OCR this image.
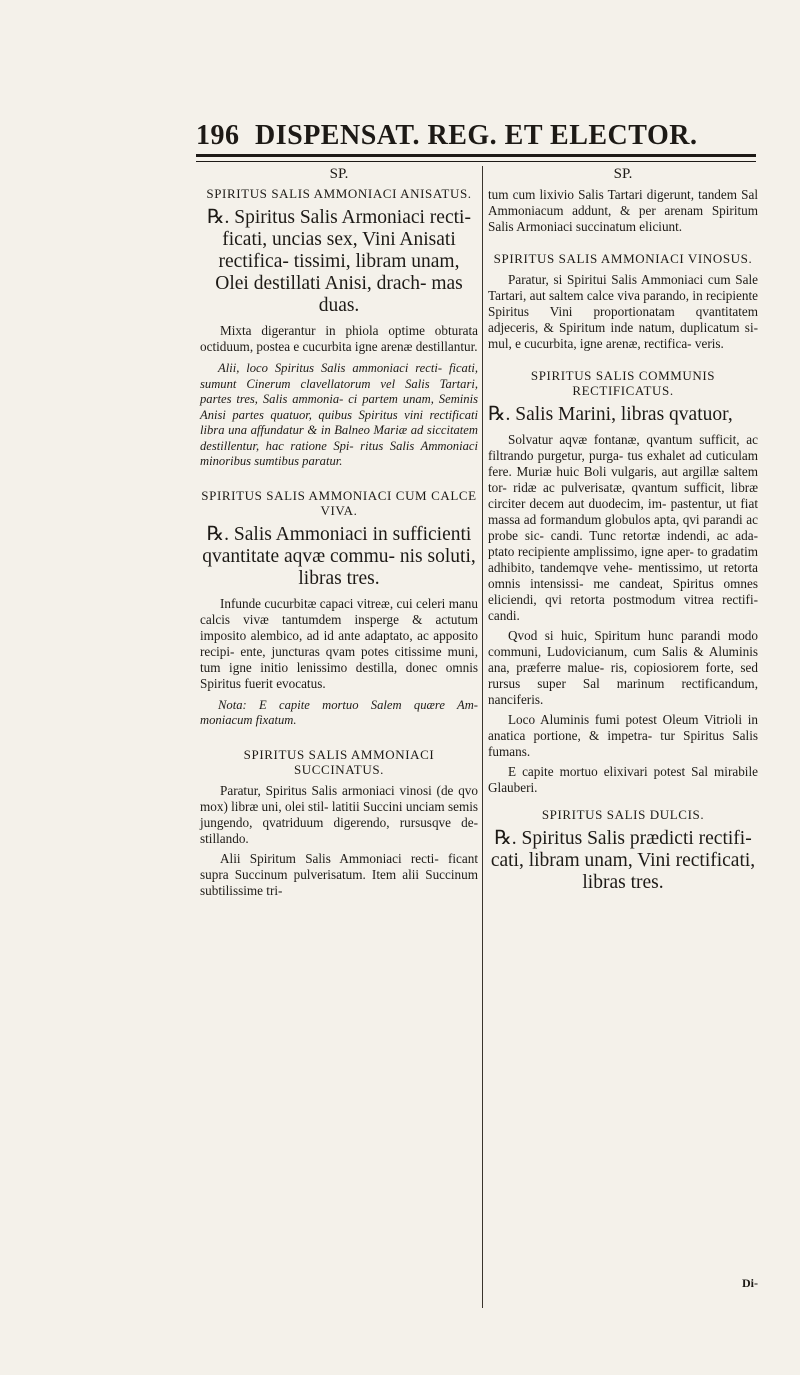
196 DISPENSAT. REG. ET ELECTOR.
SP.
SPIRITUS SALIS AMMONIACI ANISATUS.
℞. Spiritus Salis Armoniaci recti- ficati, uncias sex, Vini Anisati rectifica- tissimi, libram unam, Olei destillati Anisi, drach- mas duas.
Mixta digerantur in phiola optime obturata octiduum, postea e cucurbita igne arenæ destillantur.
Alii, loco Spiritus Salis ammoniaci recti- ficati, sumunt Cinerum clavellatorum vel Salis Tartari, partes tres, Salis ammonia- ci partem unam, Seminis Anisi partes quatuor, quibus Spiritus vini rectificati libra una affundatur & in Balneo Mariæ ad siccitatem destillentur, hac ratione Spi- ritus Salis Ammoniaci minoribus sumtibus paratur.
SPIRITUS SALIS AMMONIACI CUM CALCE VIVA.
℞. Salis Ammoniaci in sufficienti qvantitate aqvæ commu- nis soluti, libras tres.
Infunde cucurbitæ capaci vitreæ, cui celeri manu calcis vivæ tantumdem insperge & actutum imposito alembico, ad id ante adaptato, ac apposito recipi- ente, juncturas qvam potes citissime muni, tum igne initio lenissimo destilla, donec omnis Spiritus fuerit evocatus.
Nota: E capite mortuo Salem quære Am- moniacum fixatum.
SPIRITUS SALIS AMMONIACI SUCCINATUS.
Paratur, Spiritus Salis armoniaci vinosi (de qvo mox) libræ uni, olei stil- latitii Succini unciam semis jungendo, qvatriduum digerendo, rursusqve de- stillando.
Alii Spiritum Salis Ammoniaci recti- ficant supra Succinum pulverisatum. Item alii Succinum subtilissime tri-
SP.
tum cum lixivio Salis Tartari digerunt, tandem Sal Ammoniacum addunt, & per arenam Spiritum Salis Armoniaci succinatum eliciunt.
SPIRITUS SALIS AMMONIACI VINOSUS.
Paratur, si Spiritui Salis Ammoniaci cum Sale Tartari, aut saltem calce viva parando, in recipiente Spiritus Vini proportionatam qvantitatem adjeceris, & Spiritum inde natum, duplicatum si- mul, e cucurbita, igne arenæ, rectifica- veris.
SPIRITUS SALIS COMMUNIS RECTIFICATUS.
℞. Salis Marini, libras qvatuor,
Solvatur aqvæ fontanæ, qvantum sufficit, ac filtrando purgetur, purga- tus exhalet ad cuticulam fere. Muriæ huic Boli vulgaris, aut argillæ saltem tor- ridæ ac pulverisatæ, qvantum sufficit, libræ circiter decem aut duodecim, im- pastentur, ut fiat massa ad formandum globulos apta, qvi parandi ac probe sic- candi. Tunc retortæ indendi, ac ada- ptato recipiente amplissimo, igne aper- to gradatim adhibito, tandemqve vehe- mentissimo, ut retorta omnis intensissi- me candeat, Spiritus omnes eliciendi, qvi retorta postmodum vitrea rectifi- candi.
Qvod si huic, Spiritum hunc parandi modo communi, Ludovicianum, cum Salis & Aluminis ana, præferre malue- ris, copiosiorem forte, sed rursus super Sal marinum rectificandum, nanciferis.
Loco Aluminis fumi potest Oleum Vitrioli in anatica portione, & impetra- tur Spiritus Salis fumans.
E capite mortuo elixivari potest Sal mirabile Glauberi.
SPIRITUS SALIS DULCIS.
℞. Spiritus Salis prædicti rectifi- cati, libram unam, Vini rectificati, libras tres.
Di-
